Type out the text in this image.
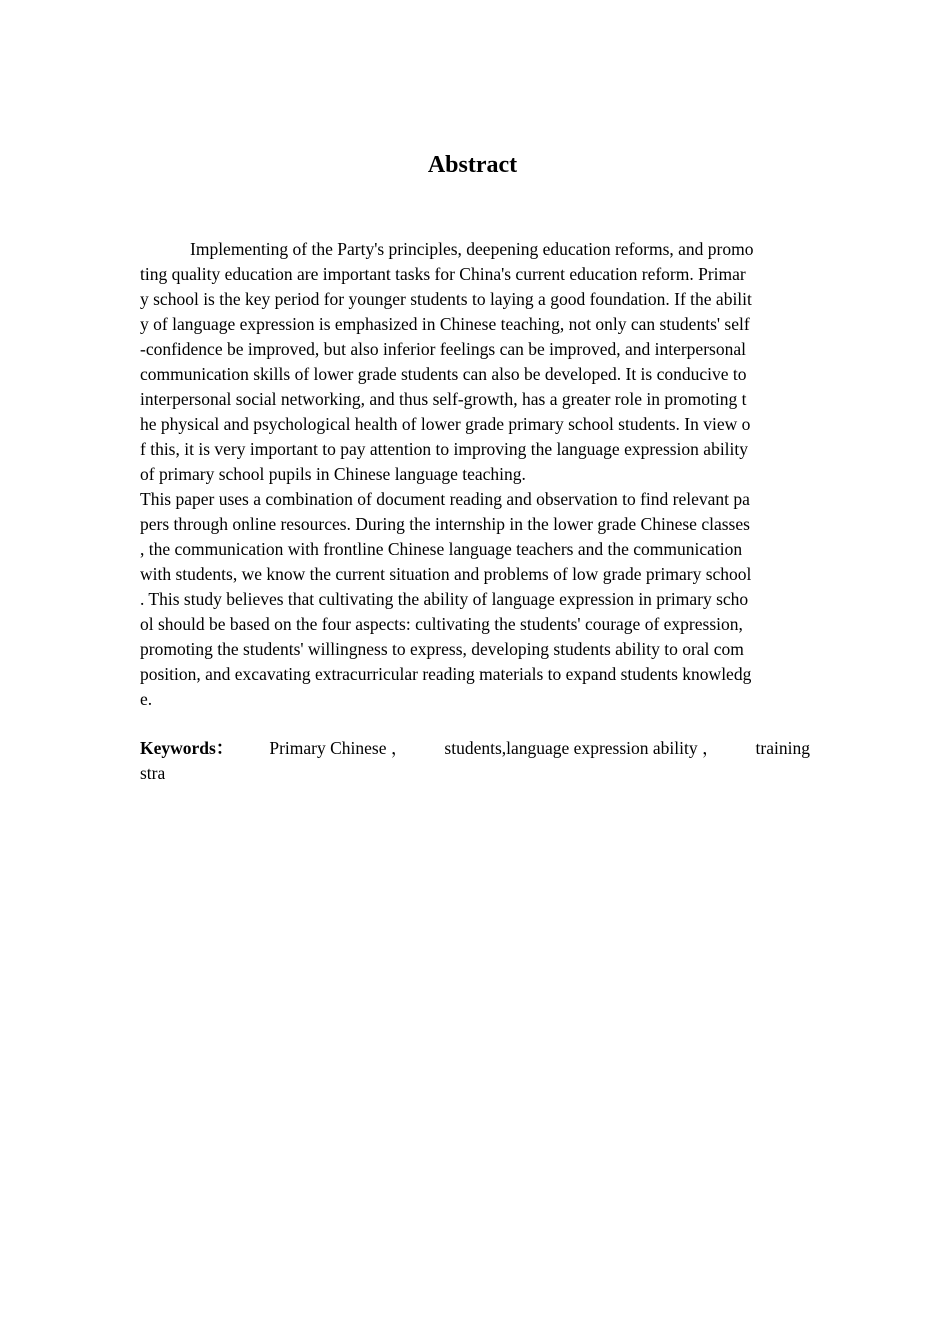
Abstract
Implementing of the Party's principles, deepening education reforms, and promo
ting quality education are important tasks for China's current education reform. Primar
y school is the key period for younger students to laying a good foundation. If the abilit
y of language expression is emphasized in Chinese teaching, not only can students' self
-confidence be improved, but also inferior feelings can be improved, and interpersonal
communication skills of lower grade students can also be developed. It is conducive to
interpersonal social networking, and thus self-growth, has a greater role in promoting t
he physical and psychological health of lower grade primary school students. In view o
f this, it is very important to pay attention to improving the language expression ability
of primary school pupils in Chinese language teaching.
This paper uses a combination of document reading and observation to find relevant pa
pers through online resources. During the internship in the lower grade Chinese classes
, the communication with frontline Chinese language teachers and the communication
with students, we know the current situation and problems of low grade primary school
. This study believes that cultivating the ability of language expression in primary scho
ol should be based on the four aspects: cultivating the students' courage of expression,
promoting the students' willingness to express, developing students ability to oral com
position, and excavating extracurricular reading materials to expand students knowledg
e.
Keywords： Primary Chinese ， students,language expression ability ， training
stra
